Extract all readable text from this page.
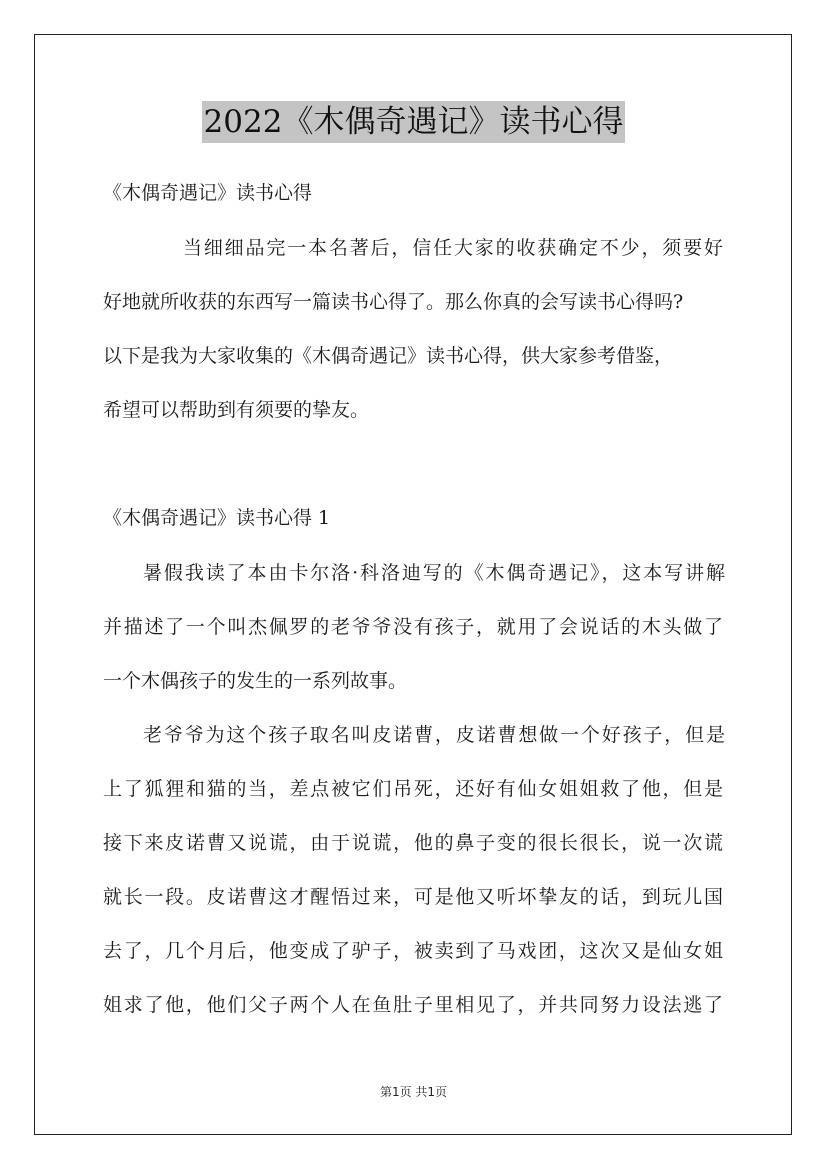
2022《木偶奇遇记》读书心得
《木偶奇遇记》读书心得
当细细品完一本名著后，信任大家的收获确定不少，须要好
好地就所收获的东西写一篇读书心得了。那么你真的会写读书心得吗?
以下是我为大家收集的《木偶奇遇记》读书心得，供大家参考借鉴，
希望可以帮助到有须要的挚友。
《木偶奇遇记》读书心得 1
暑假我读了本由卡尔洛·科洛迪写的《木偶奇遇记》，这本写讲解
并描述了一个叫杰佩罗的老爷爷没有孩子，就用了会说话的木头做了
一个木偶孩子的发生的一系列故事。
老爷爷为这个孩子取名叫皮诺曹，皮诺曹想做一个好孩子，但是
上了狐狸和猫的当，差点被它们吊死，还好有仙女姐姐救了他，但是
接下来皮诺曹又说谎，由于说谎，他的鼻子变的很长很长，说一次谎
就长一段。皮诺曹这才醒悟过来，可是他又听坏挚友的话，到玩儿国
去了，几个月后，他变成了驴子，被卖到了马戏团，这次又是仙女姐
姐求了他，他们父子两个人在鱼肚子里相见了，并共同努力设法逃了
第1页 共1页
